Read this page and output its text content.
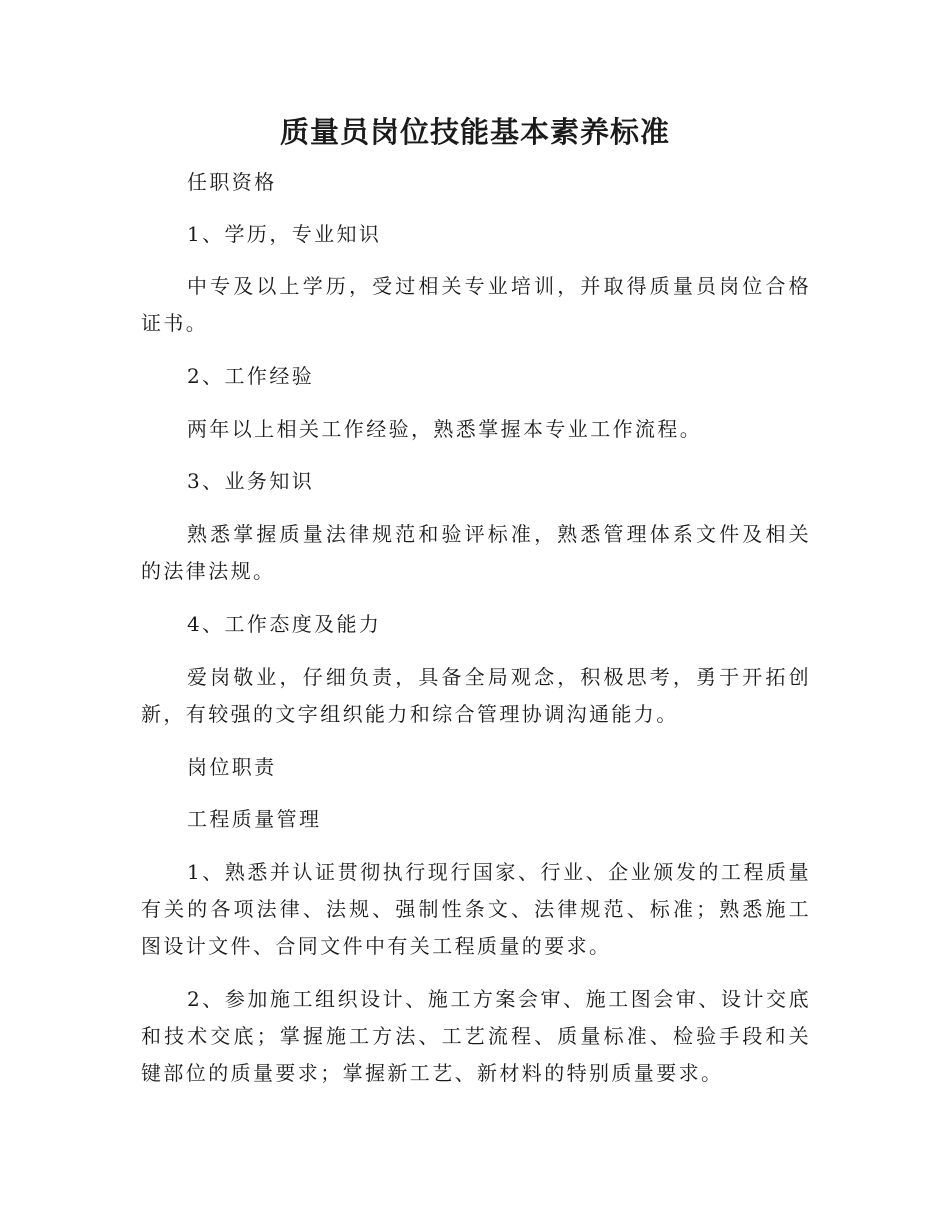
质量员岗位技能基本素养标准

任职资格

1、学历，专业知识

中专及以上学历，受过相关专业培训，并取得质量员岗位合格证书。

2、工作经验

两年以上相关工作经验，熟悉掌握本专业工作流程。

3、业务知识

熟悉掌握质量法律规范和验评标准，熟悉管理体系文件及相关的法律法规。

4、工作态度及能力

爱岗敬业，仔细负责，具备全局观念，积极思考，勇于开拓创新，有较强的文字组织能力和综合管理协调沟通能力。

岗位职责

工程质量管理

1、熟悉并认证贯彻执行现行国家、行业、企业颁发的工程质量有关的各项法律、法规、强制性条文、法律规范、标准；熟悉施工图设计文件、合同文件中有关工程质量的要求。

2、参加施工组织设计、施工方案会审、施工图会审、设计交底和技术交底；掌握施工方法、工艺流程、质量标准、检验手段和关键部位的质量要求；掌握新工艺、新材料的特别质量要求。
